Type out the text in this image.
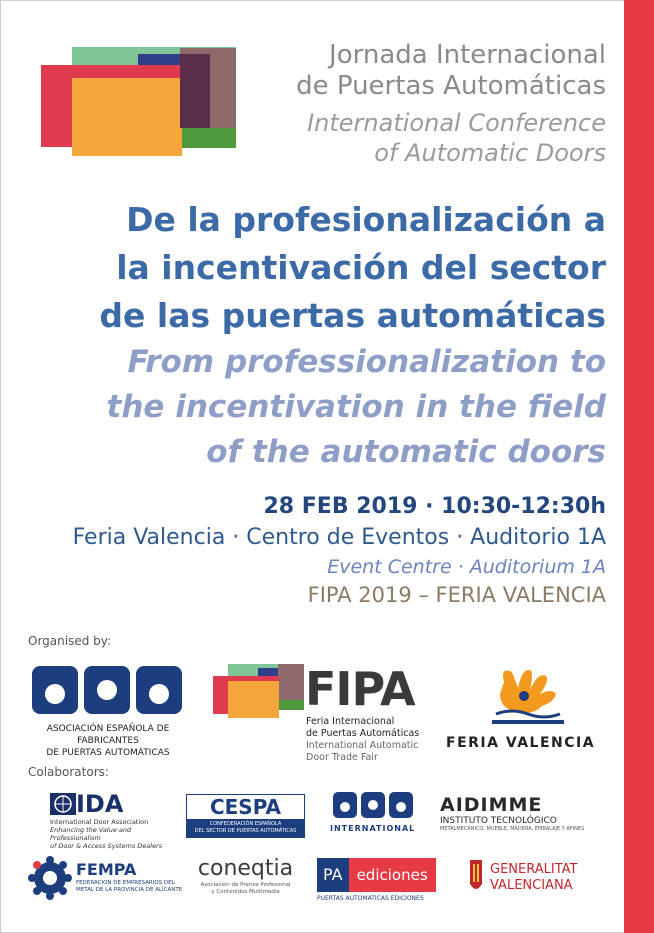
Jornada Internacional
de Puertas Automáticas
International Conference
of Automatic Doors
De la profesionalización a
la incentivación del sector
de las puertas automáticas
From professionalization to
the incentivation in the field
of the automatic doors
28 FEB 2019 · 10:30-12:30h
Feria Valencia · Centro de Eventos · Auditorio 1A
Event Centre · Auditorium 1A
FIPA 2019 – FERIA VALENCIA
Organised by:
ASOCIACIÓN ESPAÑOLA DE FABRICANTES
DE PUERTAS AUTOMÁTICAS
FIPA
Feria Internacional
de Puertas Automáticas
International Automatic
Door Trade Fair
FERIA VALENCIA
Colaborators:
IDA
International Door Association
Enhancing the Value and Professionalism
of Door & Access Systems Dealers
CESPA
CONFEDERACIÓN ESPAÑOLA
DEL SECTOR DE PUERTAS AUTOMÁTICAS	INTERNATIONAL
AIDIMME
INSTITUTO TECNOLÓGICO
METALMECÁNICO, MUEBLE, MADERA, EMBALAJE Y AFINES
FEMPA
FEDERACION DE EMPRESARIOS DEL
METAL DE LA PROVINCIA DE ALICANTE
coneqtia
Asociación de Prensa Profesional
y Contenidos Multimedia
PA ediciones
PUERTAS AUTOMÁTICAS EDICIONES
GENERALITAT
VALENCIANA
